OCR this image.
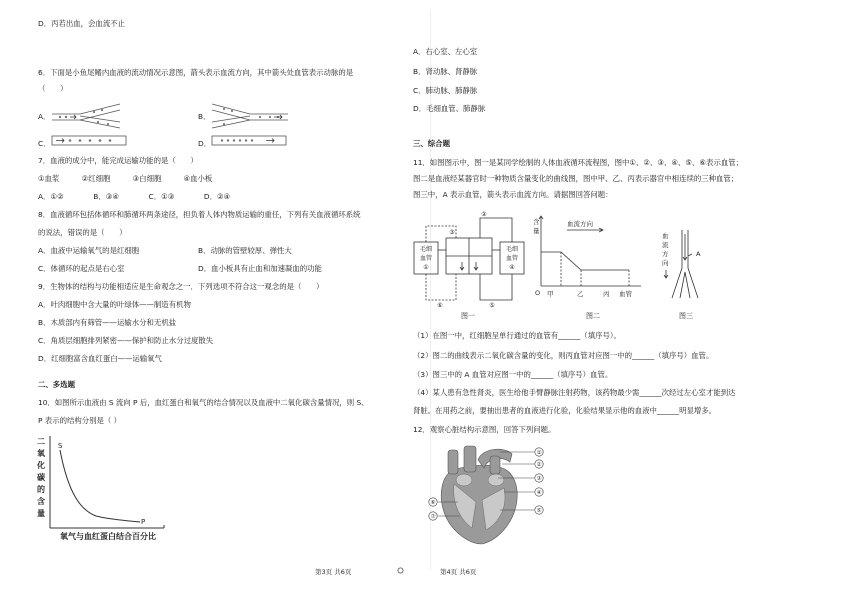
D．丙若出血，会血流不止
6．下面是小鱼尾鳍内血液的流动情况示意图，箭头表示血流方向，其中箭头处血管表示动脉的是
（　　）
A．	B．
C．	D．
7．血液的成分中，能完成运输功能的是（　　）
①血浆　　　②红细胞　　　③白细胞　　　④血小板
A．①②　　　　B．③④　　　　C．①③　　　　D．②④
8．血液循环包括体循环和肺循环两条途径，担负着人体内物质运输的重任，下列有关血液循环系统
的说法，错误的是（　　）
A．血液中运输氧气的是红细胞	B．动脉的管壁较厚、弹性大
C．体循环的起点是右心室	D．血小板具有止血和加速凝血的功能
9．生物体的结构与功能相适应是生命观念之一．下列选项不符合这一观念的是（　　）
A．叶肉细胞中含大量的叶绿体——制造有机物
B．木质部内有筛管——运输水分和无机盐
C．角质层细胞排列紧密——保护和防止水分过度散失
D．红细胞富含血红蛋白——运输氧气
二、多选题
10．如图所示血液由 S 流向 P 后，血红蛋白和氧气的结合情况以及血液中二氧化碳含量情况，则 S、
P 表示的结构分别是（ ）
二
氧
化
碳
的
含
量
S
P
氧气与血红蛋白结合百分比
第3页 共6页
A．右心室、左心室
B．肾动脉、肾静脉
C．肺动脉、肺静脉
D．毛细血管、肺静脉
三、综合题
11．如图图示中，图一是某同学绘制的人体血液循环流程图，图中①、②、③、④、⑤、⑥表示血管；
图二是血液经某器官时一种物质含量变化的曲线图，图中甲、乙、丙表示器官中相连续的三种血管；
图三中，A 表示血管，箭头表示血流方向。请据图回答问题：
毛细
血管
①
毛细
血管
④
②
③
⑤
⑥
图一
含
量
血流方向
O 甲	乙	丙 血管
图二
血
流
方
向
A
图三
（1）在图一中，红细胞呈单行通过的血管有______（填序号）。
（2）图二的曲线表示二氧化碳含量的变化，则丙血管对应图一中的______（填序号）血管。
（3）图三中的 A 血管对应图一中的______（填序号）血管。
（4）某人患有急性肾炎，医生给他手臂静脉注射药物，该药物最少需______次经过左心室才能到达
肾脏。在用药之前，要抽出患者的血液进行化验，化验结果显示他的血液中______明显增多。
12．观察心脏结构示意图，回答下列问题。
①
②
③
④
⑤
⑥
⑦
第4页 共6页
